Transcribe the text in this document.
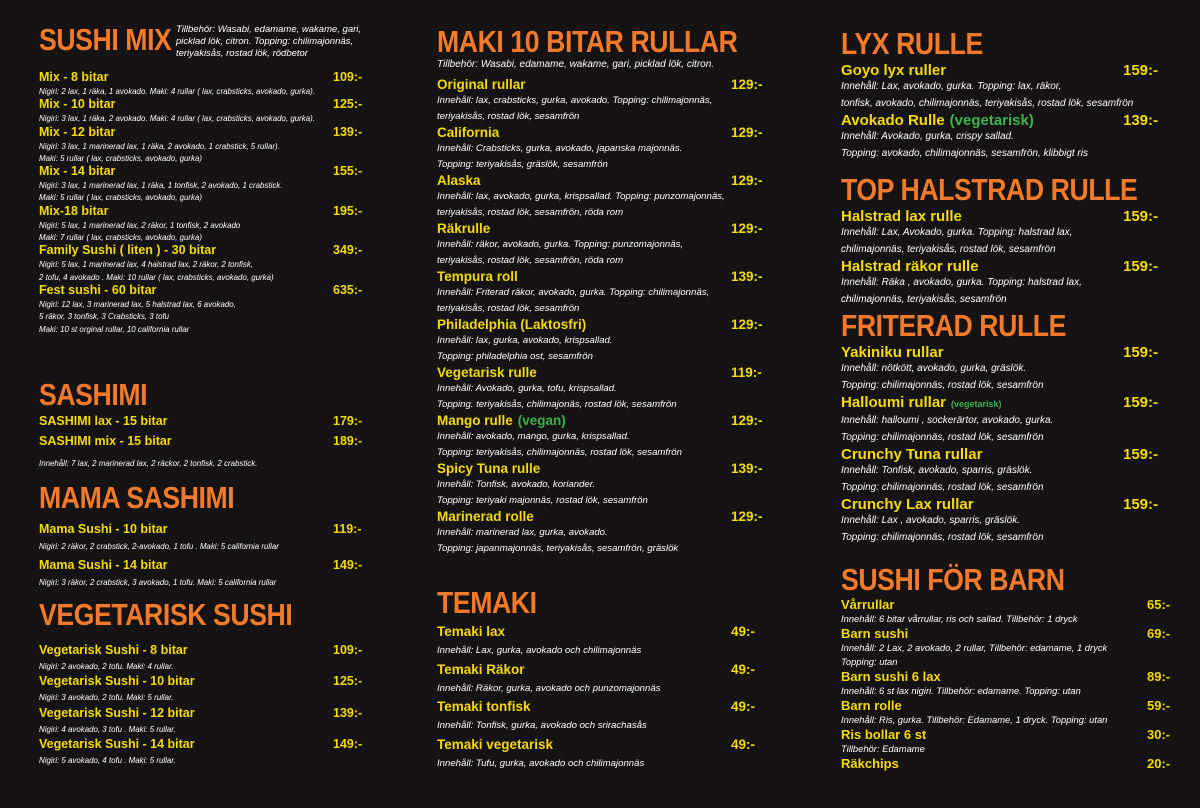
SUSHI MIX Tillbehör: Wasabi, edamame, wakame, gari, picklad lök, citron. Topping: chilimajonnäs, teriyakisås, rostad lök, rödbetor
Mix - 8 bitar	109:-
Nigiri: 2 lax, 1 räka, 1 avokado. Maki: 4 rullar ( lax, crabsticks, avokado, gurka).
Mix - 10 bitar	125:-
Nigiri: 3 lax, 1 räka, 2 avokado. Maki: 4 rullar ( lax, crabsticks, avokado, gurka).
Mix - 12 bitar	139:-
Nigiri: 3 lax, 1 marinerad lax, 1 räka, 2 avokado, 1 crabstick, 5 rullar).
Maki: 5 rullar ( lax, crabsticks, avokado, gurka)
Mix - 14 bitar	155:-
Nigiri: 3 lax, 1 marinerad lax, 1 räka, 1 tonfisk, 2 avokado, 1 crabstick.
Maki: 5 rullar ( lax, crabsticks, avokado, gurka)
Mix-18 bitar	195:-
Nigiri: 5 lax, 1 marinerad lax, 2 räkor, 1 tonfisk, 2 avokado
Maki: 7 rullar ( lax, crabsticks, avokado, gurka)
Family Sushi ( liten ) - 30 bitar	349:-
Nigiri: 5 lax, 1 marinerad lax, 4 halstrad lax, 2 räkor, 2 tonfisk,
2 tofu, 4 avokado . Maki: 10 rullar ( lax, crabsticks, avokado, gurka)
Fest sushi - 60 bitar	635:-
Nigiri: 12 lax, 3 marinerad lax, 5 halstrad lax, 6 avokado,
5 räkor, 3 tonfisk, 3 Crabsticks, 3 tofu
Maki: 10 st orginal rullar, 10 california rullar
SASHIMI
SASHIMI lax - 15 bitar	179:-
SASHIMI mix - 15 bitar	189:-
Innehåll: 7 lax, 2 marinerad lax, 2 räckor, 2 tonfisk, 2 crabstick.
MAMA SASHIMI
Mama Sushi - 10 bitar	119:-
Nigiri: 2 räkor, 2 crabstick, 2-avokado, 1 tofu . Maki: 5 california rullar
Mama Sushi - 14 bitar	149:-
Nigiri: 3 räkor, 2 crabstick, 3 avokado, 1 tofu. Maki: 5 california rullar
VEGETARISK SUSHI
Vegetarisk Sushi - 8 bitar	109:-
Nigiri: 2 avokado, 2 tofu. Maki: 4 rullar.
Vegetarisk Sushi - 10 bitar	125:-
Nigiri: 3 avokado, 2 tofu. Maki: 5 rullar.
Vegetarisk Sushi - 12 bitar	139:-
Nigiri: 4 avokado, 3 tofu . Maki: 5 rullar.
Vegetarisk Sushi - 14 bitar	149:-
Nigiri: 5 avokado, 4 tofu . Maki: 5 rullar.
MAKI 10 BITAR RULLAR
Tillbehör: Wasabi, edamame, wakame, gari, picklad lök, citron.
Original rullar	129:-
Innehåll: lax, crabsticks, gurka, avokado. Topping: chilimajonnäs,
teriyakisås, rostad lök, sesamfrön
California	129:-
Innehåll: Crabsticks, gurka, avokado, japanska majonnäs.
Topping: teriyakisås, gräslök, sesamfrön
Alaska	129:-
Innehåll: lax, avokado, gurka, krispsallad. Topping: punzomajonnäs,
teriyakisås, rostad lök, sesamfrön, röda rom
Räkrulle	129:-
Innehåll: räkor, avokado, gurka. Topping: punzomajonnäs,
teriyakisås, rostad lök, sesamfrön, röda rom
Tempura roll	139:-
Innehåll: Friterad räkor, avokado, gurka. Topping: chilimajonnäs,
teriyakisås, rostad lök, sesamfrön
Philadelphia (Laktosfri)	129:-
Innehåll: lax, gurka, avokado, krispsallad.
Topping: philadelphia ost, sesamfrön
Vegetarisk rulle	119:-
Innehåll: Avokado, gurka, tofu, krispsallad.
Topping. teriyakisås, chilimajonäs, rostad lök, sesamfrön
Mango rulle (vegan)	129:-
Innehåll: avokado, mango, gurka, krispsallad.
Topping: teriyakisås, chilimajonnäs, rostad lök, sesamfrön
Spicy Tuna rulle	139:-
Innehåll: Tonfisk, avokado, koriander.
Topping: teriyaki majonnäs, rostad lök, sesamfrön
Marinerad rolle	129:-
Innehåll: marinerad lax, gurka, avokado.
Topping: japanmajonnäs, teriyakisås, sesamfrön, gräslök
TEMAKI
Temaki lax	49:-
Innehåll: Lax, gurka, avokado och chilimajonnäs
Temaki Räkor	49:-
Innehåll: Räkor, gurka, avokado och punzomajonnäs
Temaki tonfisk	49:-
Innehåll: Tonfisk, gurka, avokado och srirachasås
Temaki vegetarisk	49:-
Innehåll: Tufu, gurka, avokado och chilimajonnäs
LYX RULLE
Goyo lyx ruller	159:-
Innehåll: Lax, avokado, gurka. Topping: lax, räkor,
tonfisk, avokado, chilimajonnäs, teriyakisås, rostad lök, sesamfrön
Avokado Rulle (vegetarisk)	139:-
Innehåll: Avokado, gurka, crispy sallad.
Topping: avokado, chilimajonnäs, sesamfrön, klibbigt ris
TOP HALSTRAD RULLE
Halstrad lax rulle	159:-
Innehåll: Lax, Avokado, gurka. Topping: halstrad lax,
chilimajonnäs, teriyakisås, rostad lök, sesamfrön
Halstrad räkor rulle	159:-
Innehåll: Räka , avokado, gurka. Topping: halstrad lax,
chilimajonnäs, teriyakisås, sesamfrön
FRITERAD RULLE
Yakiniku rullar	159:-
Innehåll: nötkött, avokado, gurka, gräslök.
Topping: chilimajonnäs, rostad lök, sesamfrön
Halloumi rullar (vegetarisk)	159:-
Innehåll: halloumi , sockerärtor, avokado, gurka.
Topping: chilimajonnäs, rostad lök, sesamfrön
Crunchy Tuna rullar	159:-
Innehåll: Tonfisk, avokado, sparris, gräslök.
Topping: chilimajonnäs, rostad lök, sesamfrön
Crunchy Lax rullar	159:-
Innehåll: Lax , avokado, sparris, gräslök.
Topping: chilimajonnäs, rostad lök, sesamfrön
SUSHI FÖR BARN
Vårrullar	65:-
Innehåll: 6 bitar vårrullar, ris och sallad. Tillbehör: 1 dryck
Barn sushi	69:-
Innehåll: 2 Lax, 2 avokado, 2 rullar, Tillbehör: edamame, 1 dryck
Topping: utan
Barn sushi 6 lax	89:-
Innehåll: 6 st lax nigiri. Tillbehör: edamame. Topping: utan
Barn rolle	59:-
Innehåll: Ris, gurka. Tillbehör: Edamame, 1 dryck. Topping: utan
Ris bollar 6 st	30:-
Tillbehör: Edamame
Räkchips	20:-
